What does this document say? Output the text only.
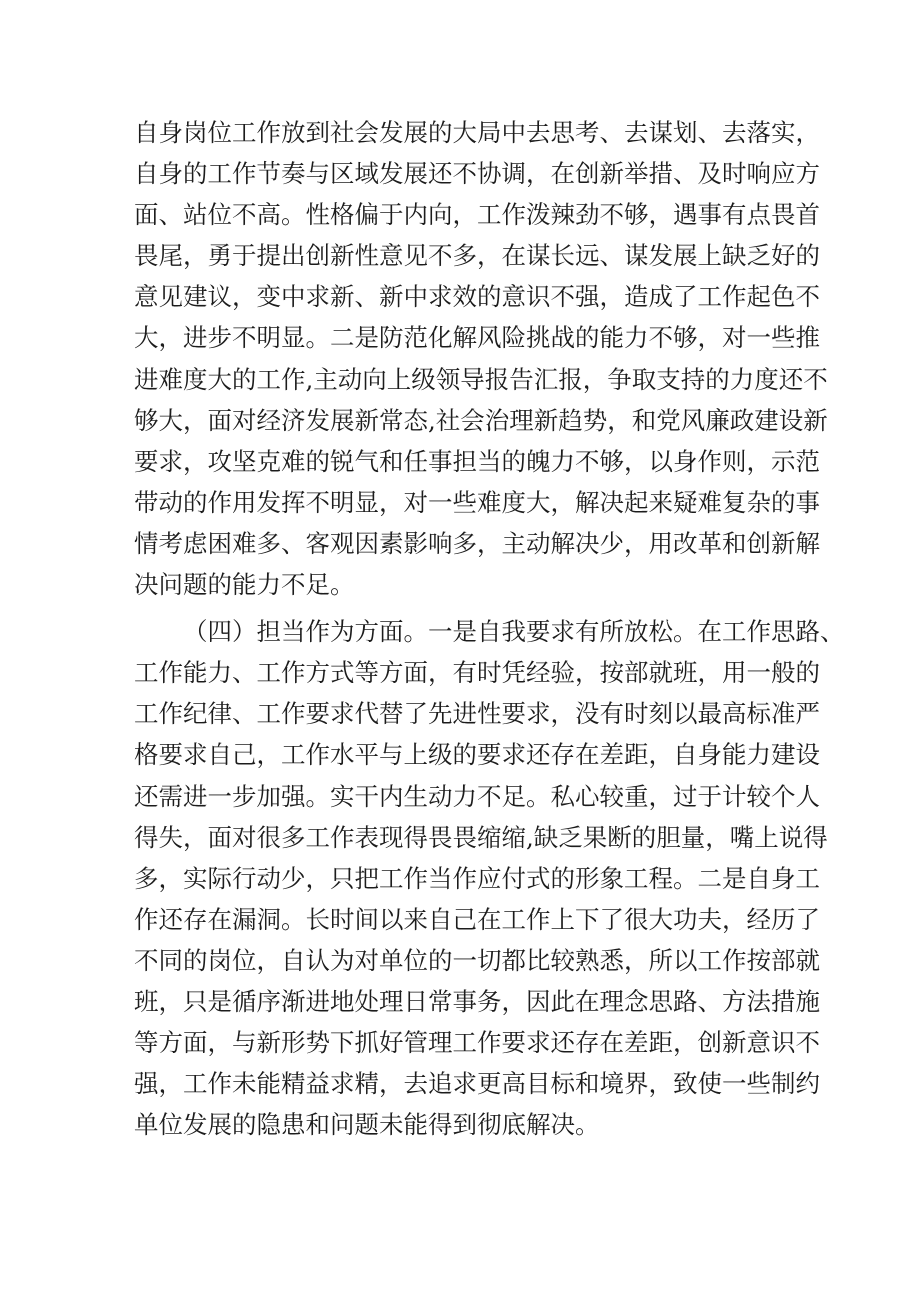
自身岗位工作放到社会发展的大局中去思考、去谋划、去落实，
自身的工作节奏与区域发展还不协调，在创新举措、及时响应方
面、站位不高。性格偏于内向，工作泼辣劲不够，遇事有点畏首
畏尾，勇于提出创新性意见不多，在谋长远、谋发展上缺乏好的
意见建议，变中求新、新中求效的意识不强，造成了工作起色不
大，进步不明显。二是防范化解风险挑战的能力不够，对一些推
进难度大的工作,主动向上级领导报告汇报，争取支持的力度还不
够大，面对经济发展新常态,社会治理新趋势，和党风廉政建设新
要求，攻坚克难的锐气和任事担当的魄力不够，以身作则，示范
带动的作用发挥不明显，对一些难度大，解决起来疑难复杂的事
情考虑困难多、客观因素影响多，主动解决少，用改革和创新解
决问题的能力不足。
（四）担当作为方面。一是自我要求有所放松。在工作思路、
工作能力、工作方式等方面，有时凭经验，按部就班，用一般的
工作纪律、工作要求代替了先进性要求，没有时刻以最高标准严
格要求自己，工作水平与上级的要求还存在差距，自身能力建设
还需进一步加强。实干内生动力不足。私心较重，过于计较个人
得失，面对很多工作表现得畏畏缩缩,缺乏果断的胆量，嘴上说得
多，实际行动少，只把工作当作应付式的形象工程。二是自身工
作还存在漏洞。长时间以来自己在工作上下了很大功夫，经历了
不同的岗位，自认为对单位的一切都比较熟悉，所以工作按部就
班，只是循序渐进地处理日常事务，因此在理念思路、方法措施
等方面，与新形势下抓好管理工作要求还存在差距，创新意识不
强，工作未能精益求精，去追求更高目标和境界，致使一些制约
单位发展的隐患和问题未能得到彻底解决。
